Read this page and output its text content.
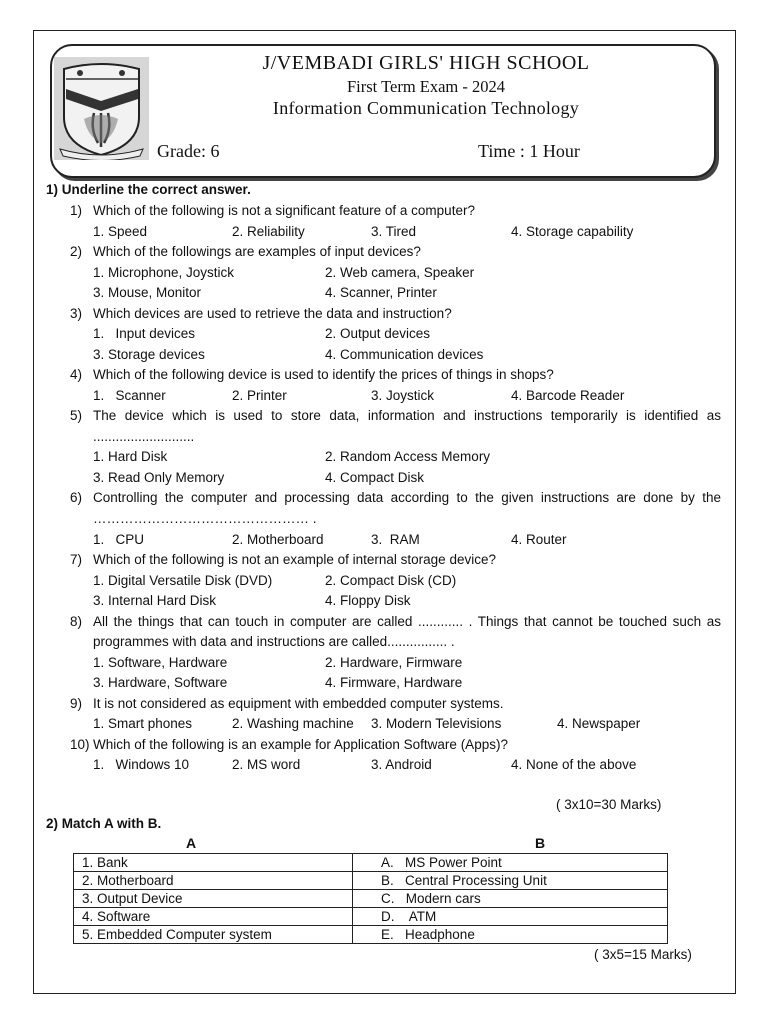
J/VEMBADI GIRLS' HIGH SCHOOL
First Term Exam - 2024
Information Communication Technology
Grade: 6	Time : 1 Hour
1) Underline the correct answer.
1) Which of the following is not a significant feature of a computer?
1. Speed	2. Reliability	3. Tired	4. Storage capability
2) Which of the followings are examples of input devices?
1. Microphone, Joystick	2. Web camera, Speaker
3. Mouse, Monitor	4. Scanner, Printer
3) Which devices are used to retrieve the data and instruction?
1.   Input devices	2. Output devices
3. Storage devices	4. Communication devices
4) Which of the following device is used to identify the prices of things in shops?
1.   Scanner	2. Printer	3. Joystick	4. Barcode Reader
5) The device which is used to store data, information and instructions temporarily is identified as
...........................
1. Hard Disk	2. Random Access Memory
3. Read Only Memory	4. Compact Disk
6) Controlling the computer and processing data according to the given instructions are done by the
………………………………………… .
1.   CPU	2. Motherboard	3.  RAM	4. Router
7) Which of the following is not an example of internal storage device?
1. Digital Versatile Disk (DVD)	2. Compact Disk (CD)
3. Internal Hard Disk	4. Floppy Disk
8) All the things that can touch in computer are called ............ . Things that cannot be touched such as
programmes with data and instructions are called................ .
1. Software, Hardware	2. Hardware, Firmware
3. Hardware, Software	4. Firmware, Hardware
9) It is not considered as equipment with embedded computer systems.
1. Smart phones	2. Washing machine 3. Modern Televisions	4. Newspaper
10) Which of the following is an example for Application Software (Apps)?
1.   Windows 10	2. MS word	3. Android	4. None of the above
( 3x10=30 Marks)
2) Match A with B.
A	B
1. Bank	A.   MS Power Point
2. Motherboard	B.   Central Processing Unit
3. Output Device	C.   Modern cars
4. Software	D.    ATM
5. Embedded Computer system	E.   Headphone
( 3x5=15 Marks)
